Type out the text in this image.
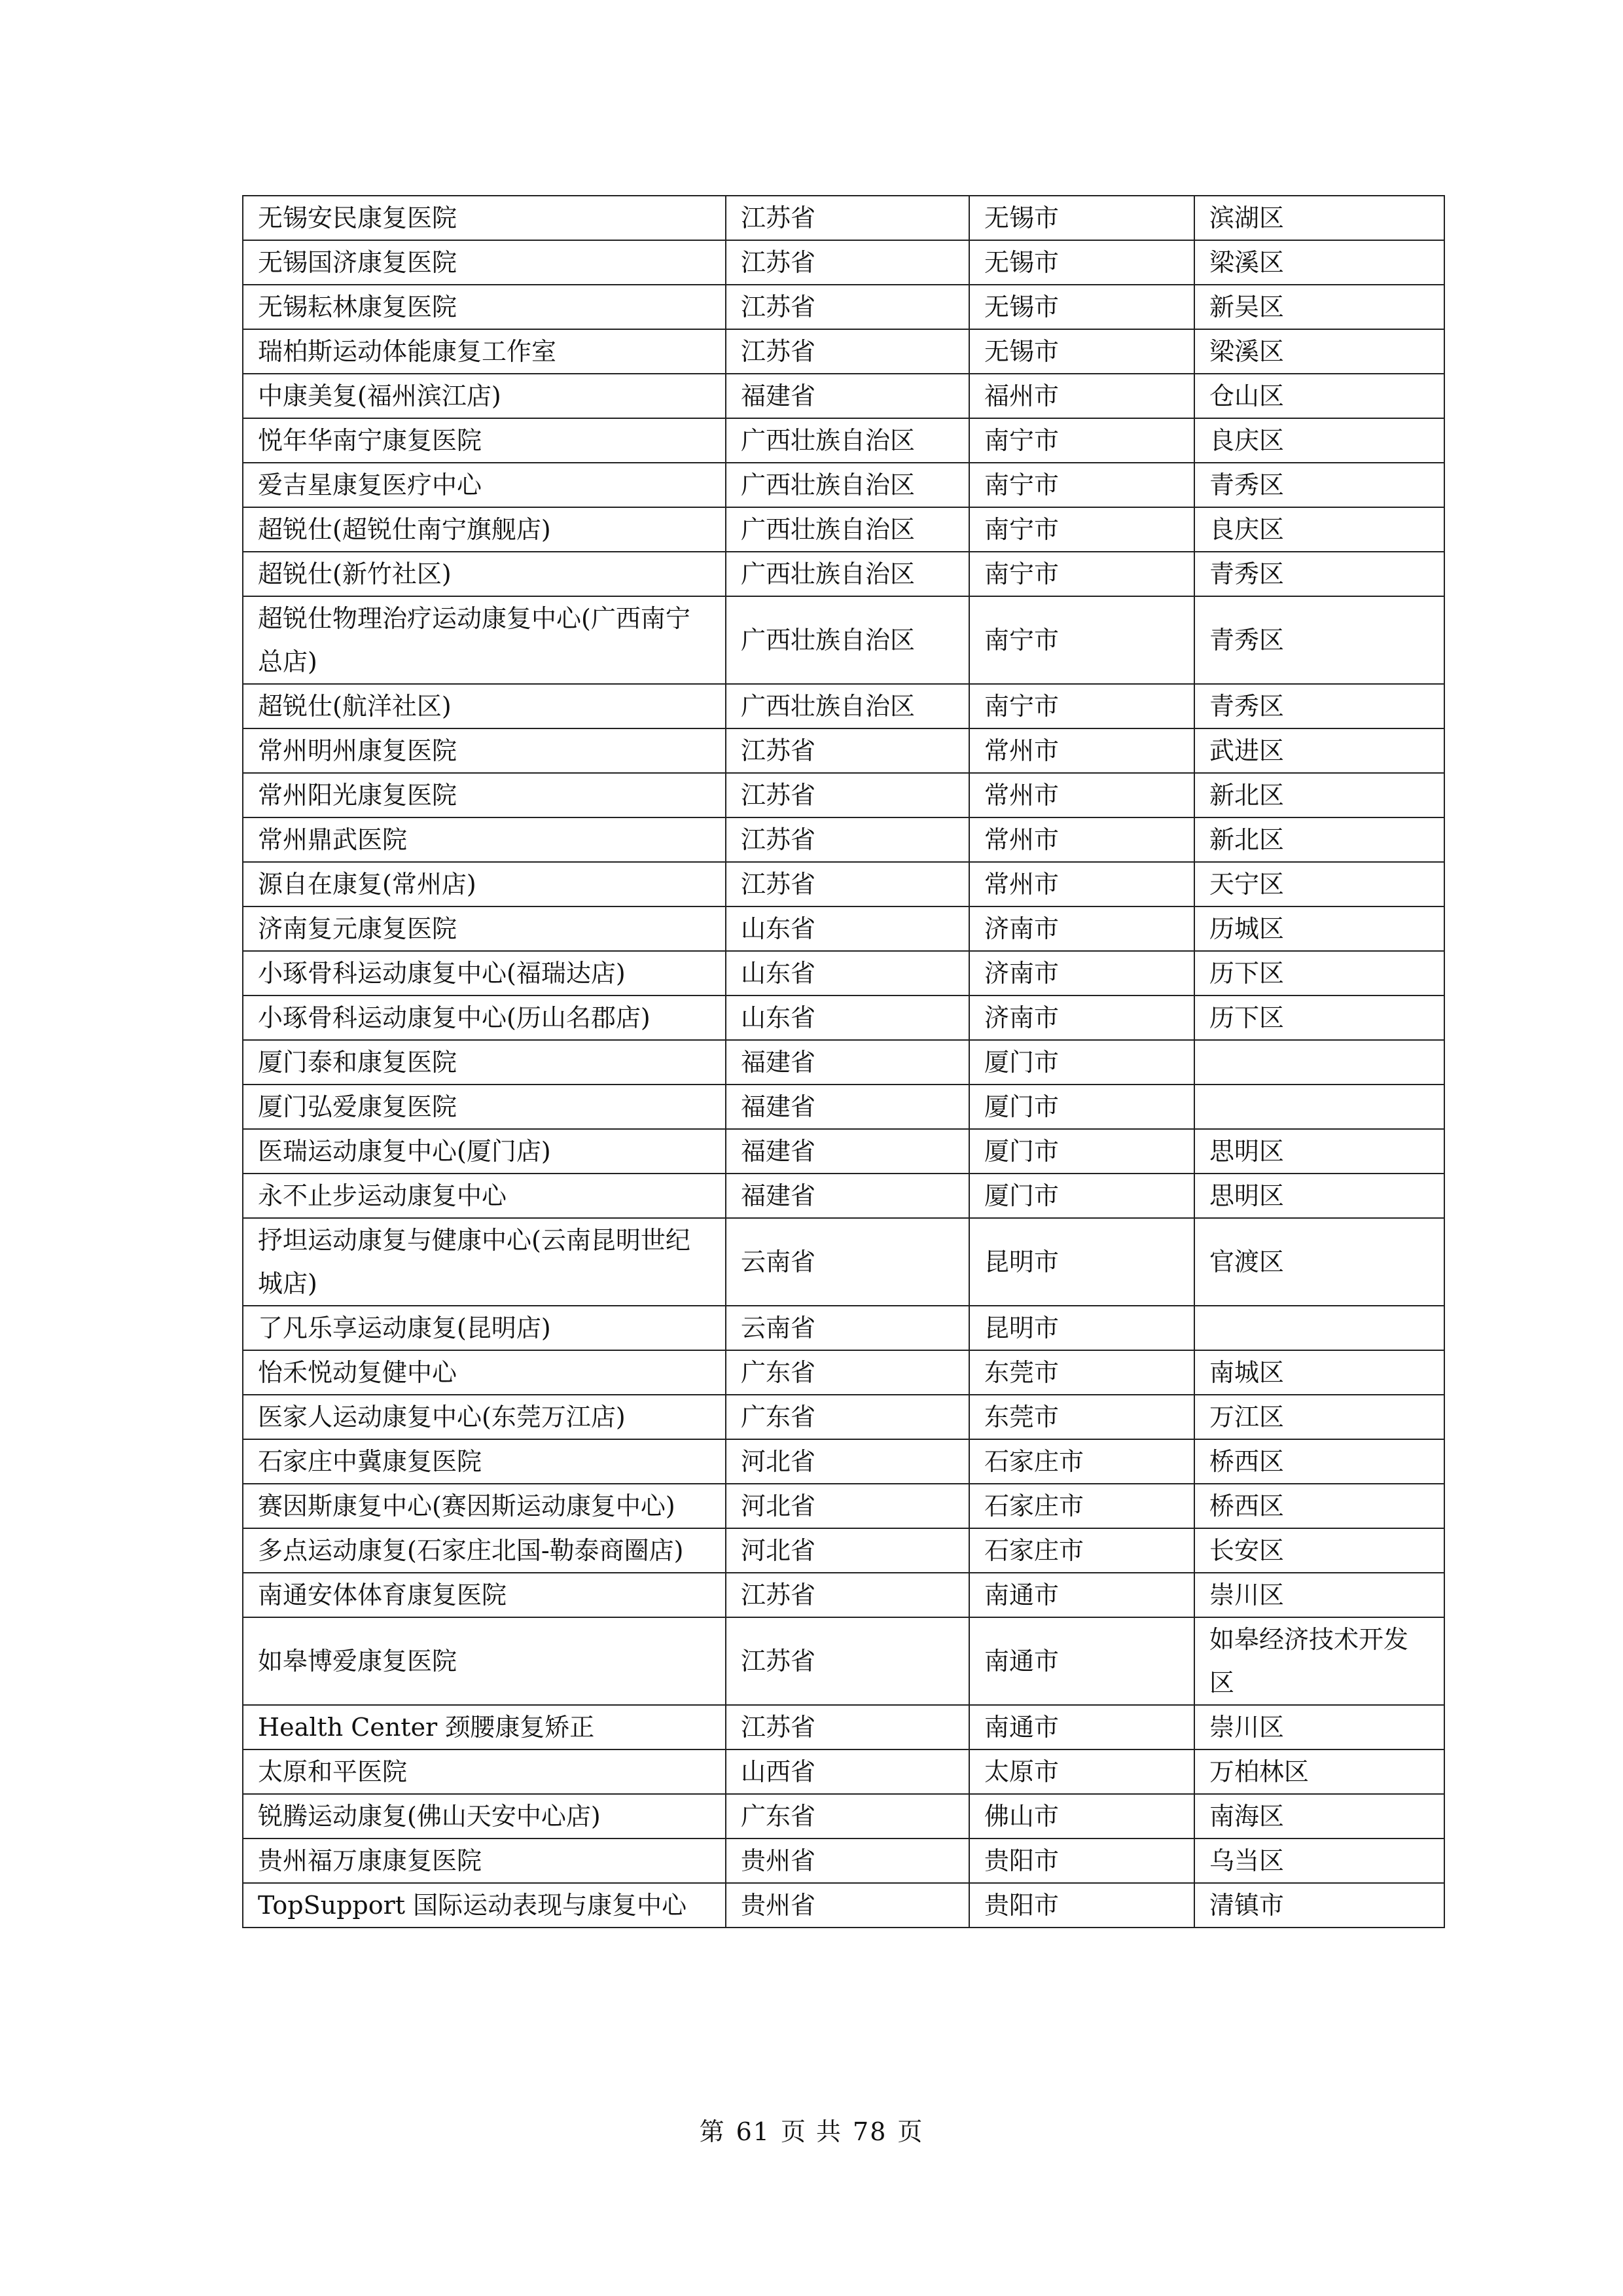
无锡安民康复医院	江苏省	无锡市	滨湖区
无锡国济康复医院	江苏省	无锡市	梁溪区
无锡耘林康复医院	江苏省	无锡市	新吴区
瑞柏斯运动体能康复工作室	江苏省	无锡市	梁溪区
中康美复(福州滨江店)	福建省	福州市	仓山区
悦年华南宁康复医院	广西壮族自治区	南宁市	良庆区
爱吉星康复医疗中心	广西壮族自治区	南宁市	青秀区
超锐仕(超锐仕南宁旗舰店)	广西壮族自治区	南宁市	良庆区
超锐仕(新竹社区)	广西壮族自治区	南宁市	青秀区
超锐仕物理治疗运动康复中心(广西南宁总店)	广西壮族自治区	南宁市	青秀区
超锐仕(航洋社区)	广西壮族自治区	南宁市	青秀区
常州明州康复医院	江苏省	常州市	武进区
常州阳光康复医院	江苏省	常州市	新北区
常州鼎武医院	江苏省	常州市	新北区
源自在康复(常州店)	江苏省	常州市	天宁区
济南复元康复医院	山东省	济南市	历城区
小琢骨科运动康复中心(福瑞达店)	山东省	济南市	历下区
小琢骨科运动康复中心(历山名郡店)	山东省	济南市	历下区
厦门泰和康复医院	福建省	厦门市	
厦门弘爱康复医院	福建省	厦门市	
医瑞运动康复中心(厦门店)	福建省	厦门市	思明区
永不止步运动康复中心	福建省	厦门市	思明区
抒坦运动康复与健康中心(云南昆明世纪城店)	云南省	昆明市	官渡区
了凡乐享运动康复(昆明店)	云南省	昆明市	
怡禾悦动复健中心	广东省	东莞市	南城区
医家人运动康复中心(东莞万江店)	广东省	东莞市	万江区
石家庄中冀康复医院	河北省	石家庄市	桥西区
赛因斯康复中心(赛因斯运动康复中心)	河北省	石家庄市	桥西区
多点运动康复(石家庄北国-勒泰商圈店)	河北省	石家庄市	长安区
南通安体体育康复医院	江苏省	南通市	崇川区
如皋博爱康复医院	江苏省	南通市	如皋经济技术开发区
Health Center 颈腰康复矫正	江苏省	南通市	崇川区
太原和平医院	山西省	太原市	万柏林区
锐腾运动康复(佛山天安中心店)	广东省	佛山市	南海区
贵州福万康康复医院	贵州省	贵阳市	乌当区
TopSupport 国际运动表现与康复中心	贵州省	贵阳市	清镇市
第 61 页 共 78 页
